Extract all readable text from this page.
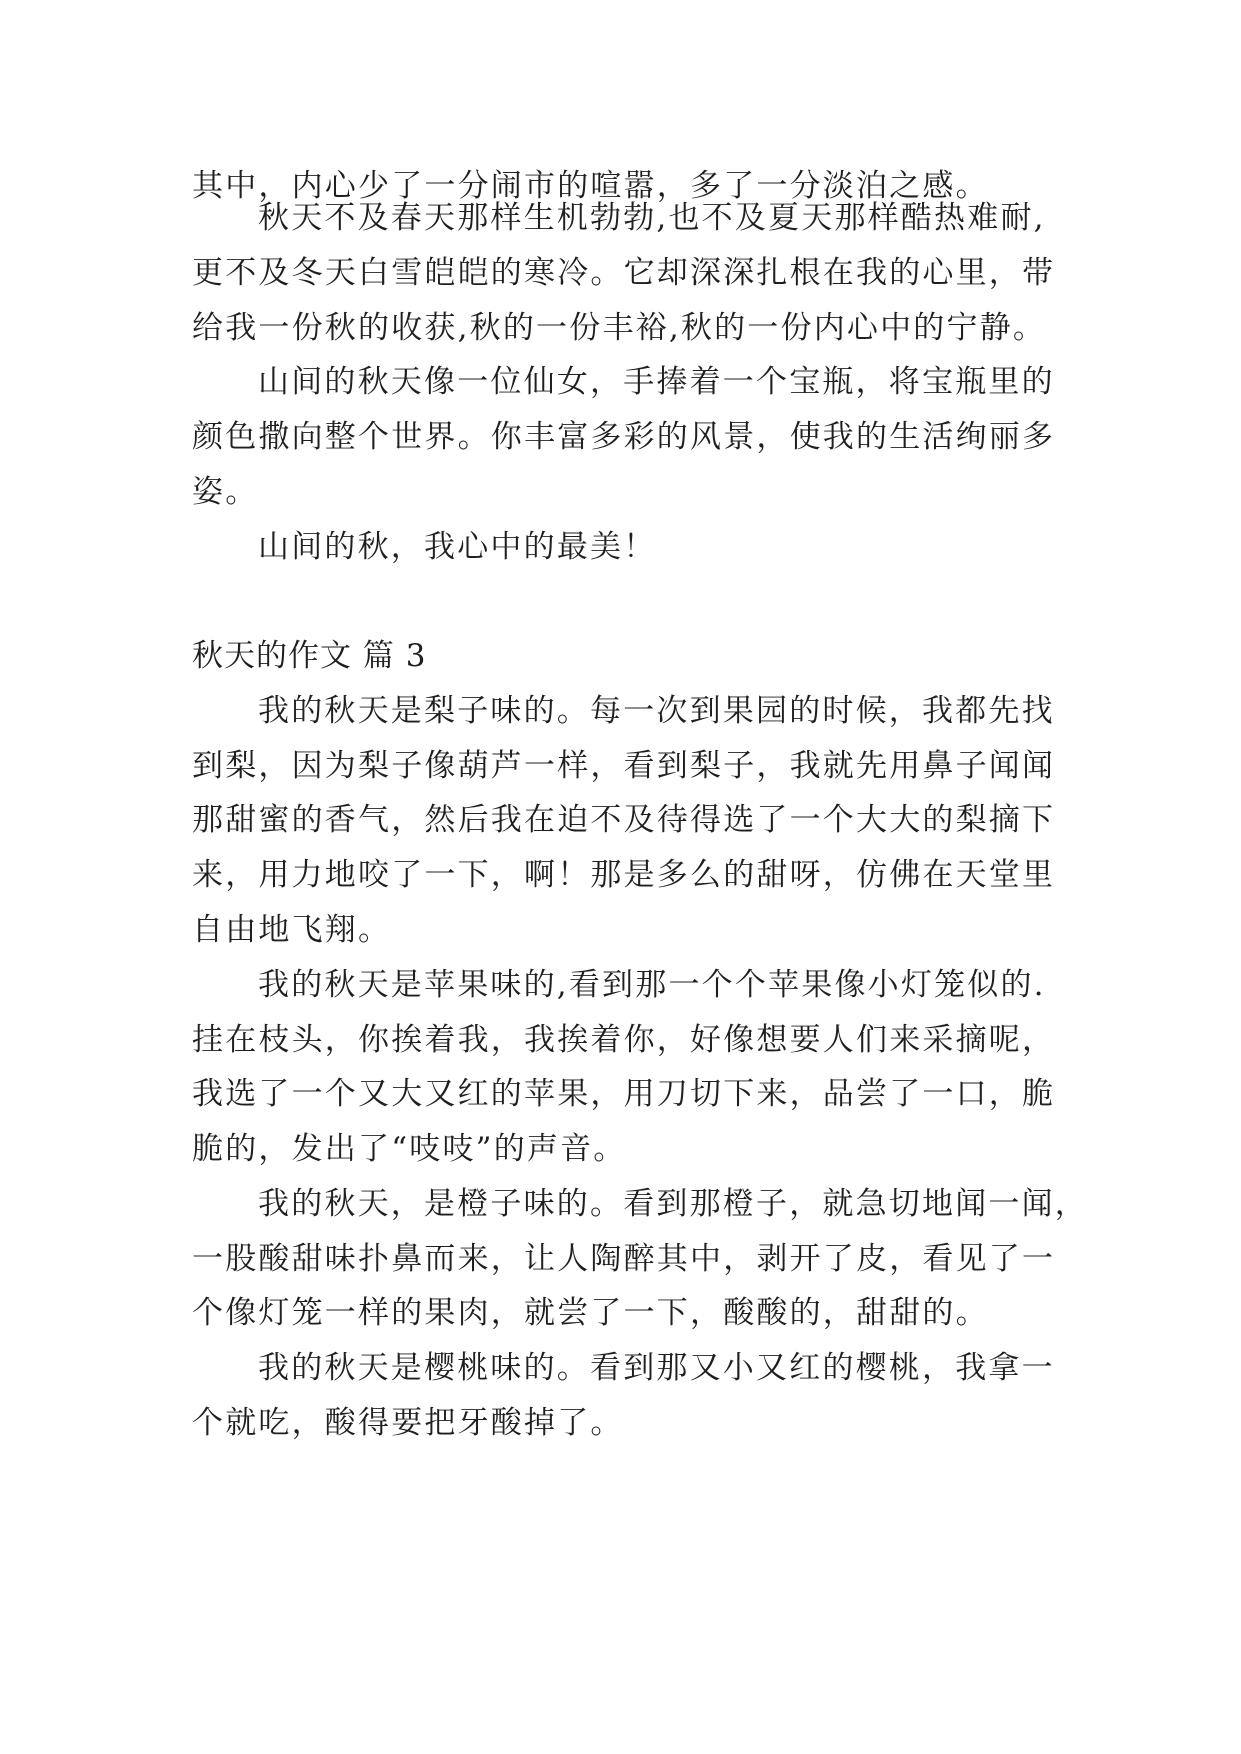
其中，内心少了一分闹市的喧嚣，多了一分淡泊之感。

秋天不及春天那样生机勃勃,也不及夏天那样酷热难耐,

更不及冬天白雪皑皑的寒冷。它却深深扎根在我的心里，带

给我一份秋的收获,秋的一份丰裕,秋的一份内心中的宁静。

山间的秋天像一位仙女，手捧着一个宝瓶，将宝瓶里的

颜色撒向整个世界。你丰富多彩的风景，使我的生活绚丽多

姿。

山间的秋，我心中的最美！

秋天的作文 篇 3

我的秋天是梨子味的。每一次到果园的时候，我都先找

到梨，因为梨子像葫芦一样，看到梨子，我就先用鼻子闻闻

那甜蜜的香气，然后我在迫不及待得选了一个大大的梨摘下

来，用力地咬了一下，啊！那是多么的甜呀，仿佛在天堂里

自由地飞翔。

我的秋天是苹果味的,看到那一个个苹果像小灯笼似的.

挂在枝头，你挨着我，我挨着你，好像想要人们来采摘呢，

我选了一个又大又红的苹果，用刀切下来，品尝了一口，脆

脆的，发出了“吱吱”的声音。

我的秋天，是橙子味的。看到那橙子，就急切地闻一闻，

一股酸甜味扑鼻而来，让人陶醉其中，剥开了皮，看见了一

个像灯笼一样的果肉，就尝了一下，酸酸的，甜甜的。

我的秋天是樱桃味的。看到那又小又红的樱桃，我拿一

个就吃，酸得要把牙酸掉了。
